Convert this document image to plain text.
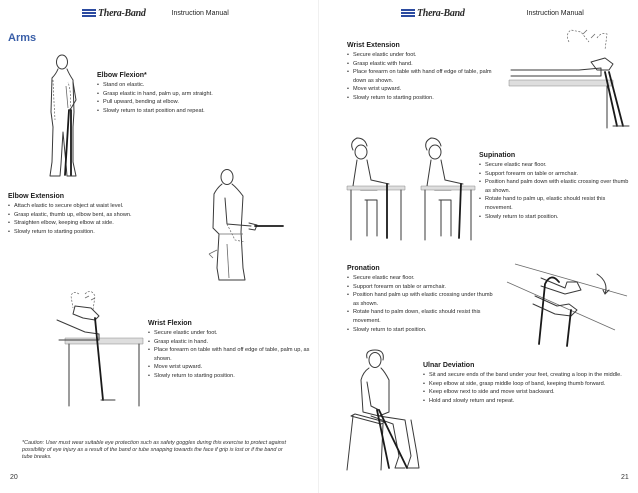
Thera-Band	Instruction Manual
Arms
Elbow Flexion*
• Stand on elastic.
• Grasp elastic in hand, palm up, arm straight.
• Pull upward, bending at elbow.
• Slowly return to start position and repeat.
Elbow Extension
• Attach elastic to secure object at waist level.
• Grasp elastic, thumb up, elbow bent, as shown.
• Straighten elbow, keeping elbow at side.
• Slowly return to starting position.
Wrist Flexion
• Secure elastic under foot.
• Grasp elastic in hand.
• Place forearm on table with hand off edge of table, palm up, as shown.
• Move wrist upward.
• Slowly return to starting position.
*Caution: User must wear suitable eye protection such as safety goggles during this exercise to protect against possibility of eye injury as a result of the band or tube snapping towards the face if grip is lost or if the band or tube breaks.
20
Thera-Band	Instruction Manual
Wrist Extension
• Secure elastic under foot.
• Grasp elastic with hand.
• Place forearm on table with hand off edge of table, palm down as shown.
• Move wrist upward.
• Slowly return to starting position.
Supination
• Secure elastic near floor.
• Support forearm on table or armchair.
• Position hand palm down with elastic crossing over thumb as shown.
• Rotate hand to palm up, elastic should resist this movement.
• Slowly return to start position.
Pronation
• Secure elastic near floor.
• Support forearm on table or armchair.
• Position hand palm up with elastic crossing under thumb as shown.
• Rotate hand to palm down, elastic should resist this movement.
• Slowly return to start position.
Ulnar Deviation
• Sit and secure ends of the band under your feet, creating a loop in the middle.
• Keep elbow at side, grasp middle loop of band, keeping thumb forward.
• Keep elbow next to side and move wrist backward.
• Hold and slowly return and repeat.
21
